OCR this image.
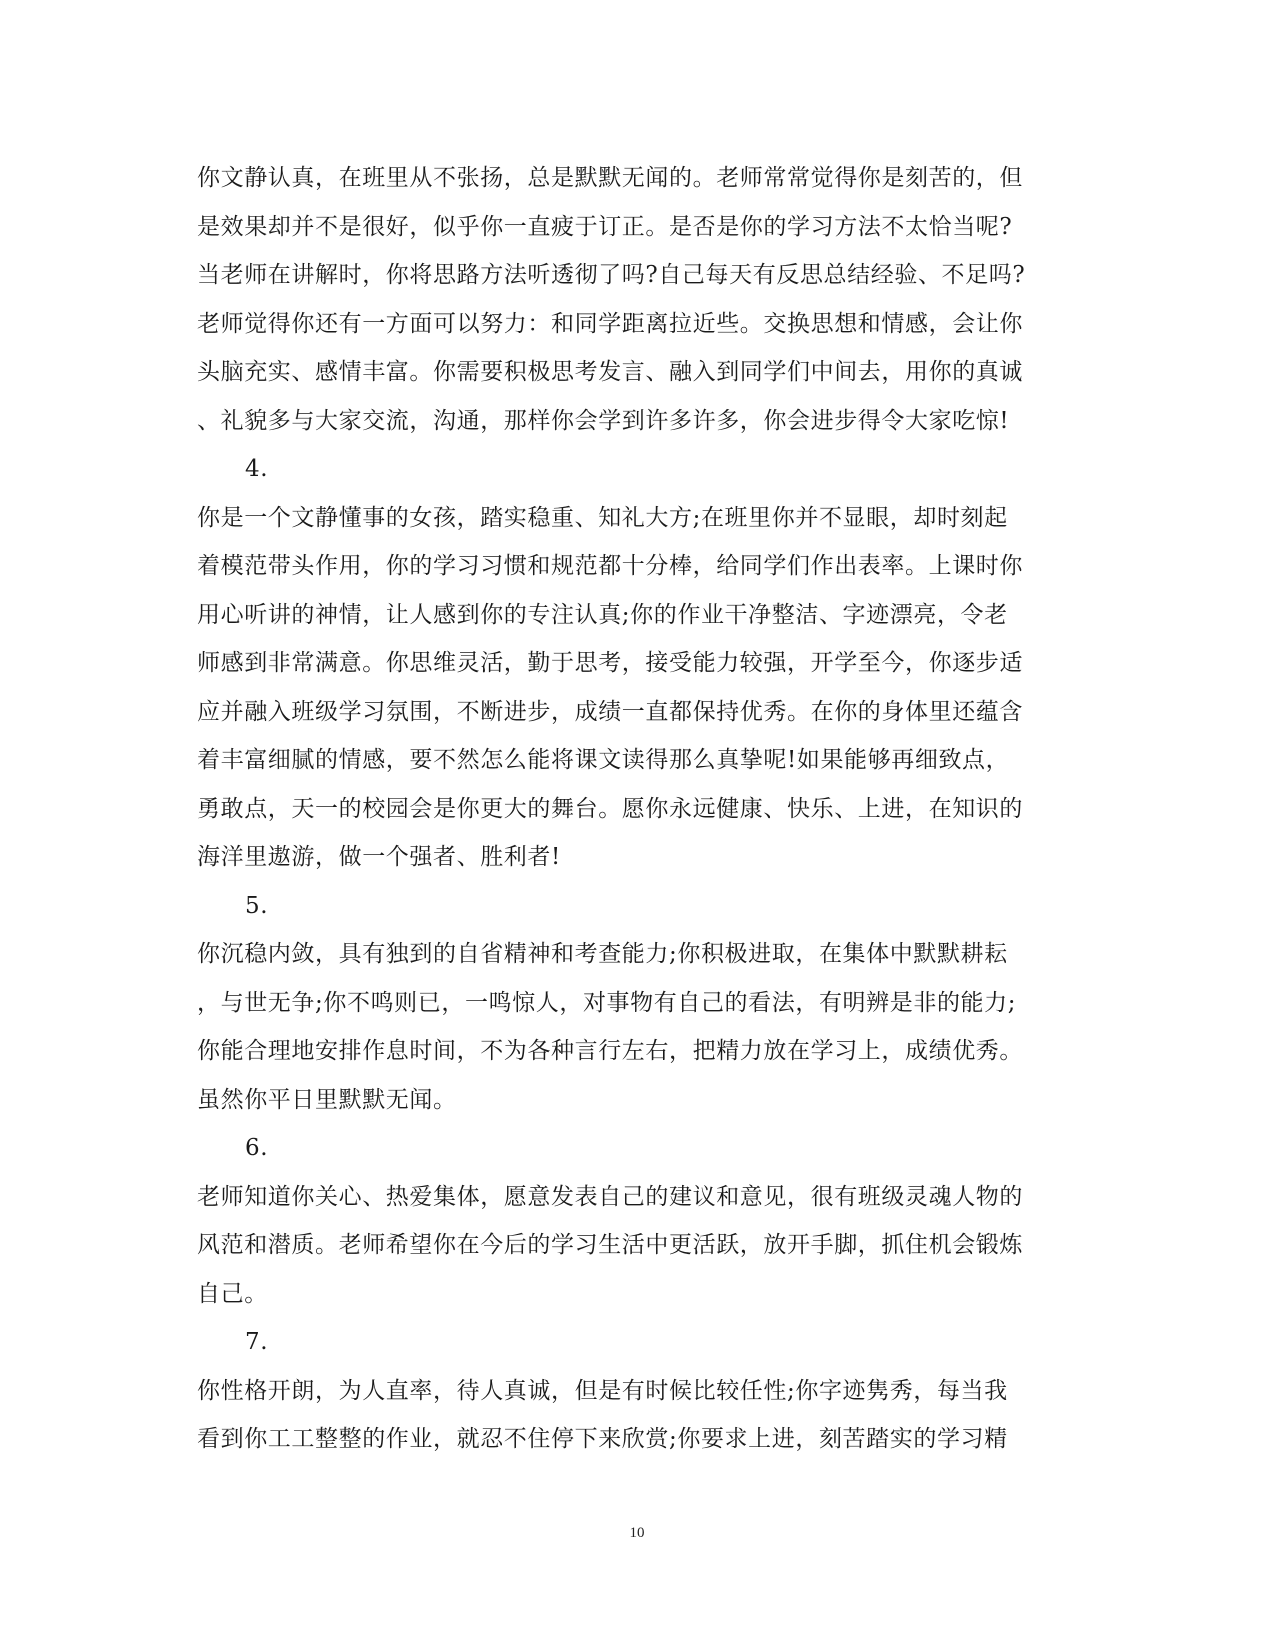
你文静认真，在班里从不张扬，总是默默无闻的。老师常常觉得你是刻苦的，但
是效果却并不是很好，似乎你一直疲于订正。是否是你的学习方法不太恰当呢?
当老师在讲解时，你将思路方法听透彻了吗?自己每天有反思总结经验、不足吗?
老师觉得你还有一方面可以努力：和同学距离拉近些。交换思想和情感，会让你
头脑充实、感情丰富。你需要积极思考发言、融入到同学们中间去，用你的真诚
、礼貌多与大家交流，沟通，那样你会学到许多许多，你会进步得令大家吃惊!
4.
你是一个文静懂事的女孩，踏实稳重、知礼大方;在班里你并不显眼，却时刻起
着模范带头作用，你的学习习惯和规范都十分棒，给同学们作出表率。上课时你
用心听讲的神情，让人感到你的专注认真;你的作业干净整洁、字迹漂亮，令老
师感到非常满意。你思维灵活，勤于思考，接受能力较强，开学至今，你逐步适
应并融入班级学习氛围，不断进步，成绩一直都保持优秀。在你的身体里还蕴含
着丰富细腻的情感，要不然怎么能将课文读得那么真挚呢!如果能够再细致点，
勇敢点，天一的校园会是你更大的舞台。愿你永远健康、快乐、上进，在知识的
海洋里遨游，做一个强者、胜利者!
5.
你沉稳内敛，具有独到的自省精神和考查能力;你积极进取，在集体中默默耕耘
，与世无争;你不鸣则已，一鸣惊人，对事物有自己的看法，有明辨是非的能力;
你能合理地安排作息时间，不为各种言行左右，把精力放在学习上，成绩优秀。
虽然你平日里默默无闻。
6.
老师知道你关心、热爱集体，愿意发表自己的建议和意见，很有班级灵魂人物的
风范和潜质。老师希望你在今后的学习生活中更活跃，放开手脚，抓住机会锻炼
自己。
7.
你性格开朗，为人直率，待人真诚，但是有时候比较任性;你字迹隽秀，每当我
看到你工工整整的作业，就忍不住停下来欣赏;你要求上进，刻苦踏实的学习精
10
